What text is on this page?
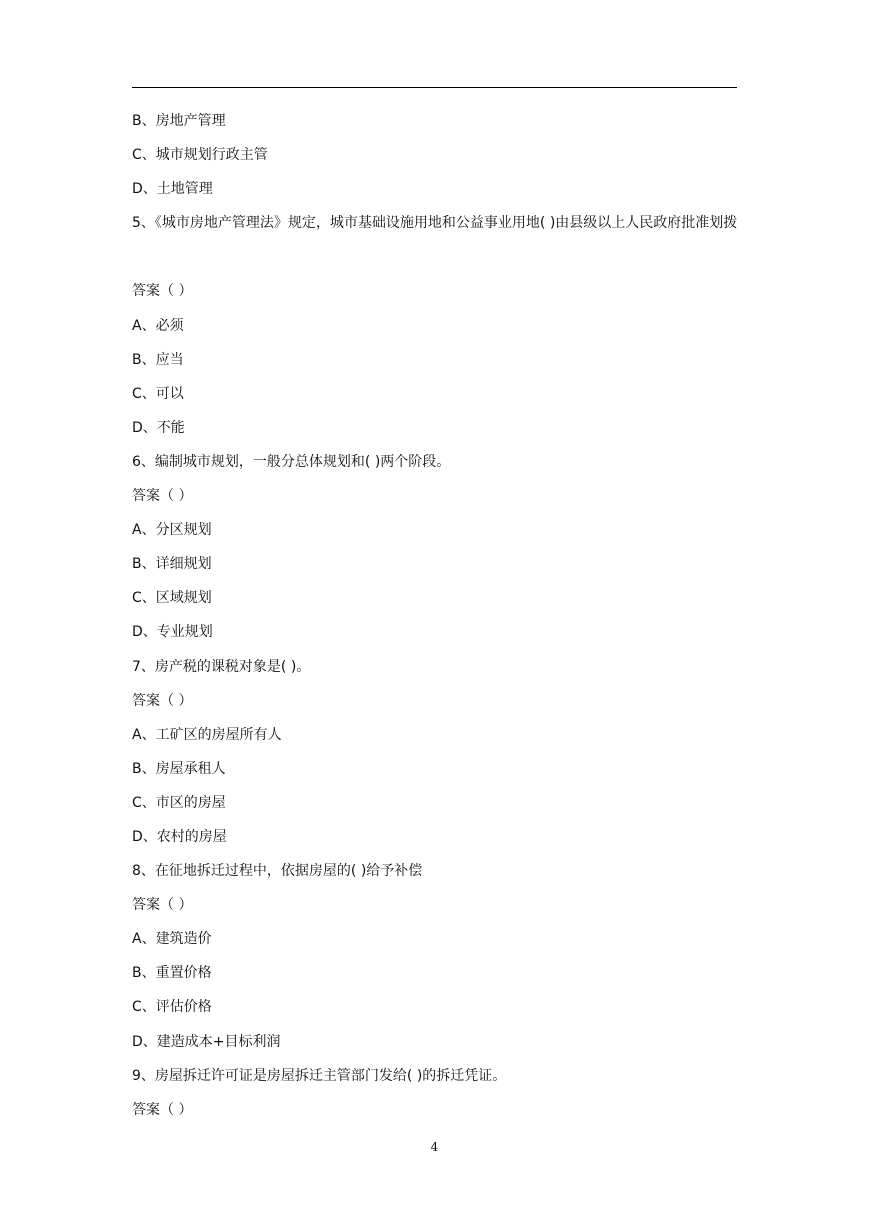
B、房地产管理
C、城市规划行政主管
D、土地管理
5、《城市房地产管理法》规定，城市基础设施用地和公益事业用地( )由县级以上人民政府批准划拨
答案（ ）
A、必须
B、应当
C、可以
D、不能
6、编制城市规划，一般分总体规划和( )两个阶段。
答案（ ）
A、分区规划
B、详细规划
C、区域规划
D、专业规划
7、房产税的课税对象是( )。
答案（ ）
A、工矿区的房屋所有人
B、房屋承租人
C、市区的房屋
D、农村的房屋
8、在征地拆迁过程中，依据房屋的( )给予补偿
答案（ ）
A、建筑造价
B、重置价格
C、评估价格
D、建造成本+目标利润
9、房屋拆迁许可证是房屋拆迁主管部门发给( )的拆迁凭证。
答案（ ）
4
